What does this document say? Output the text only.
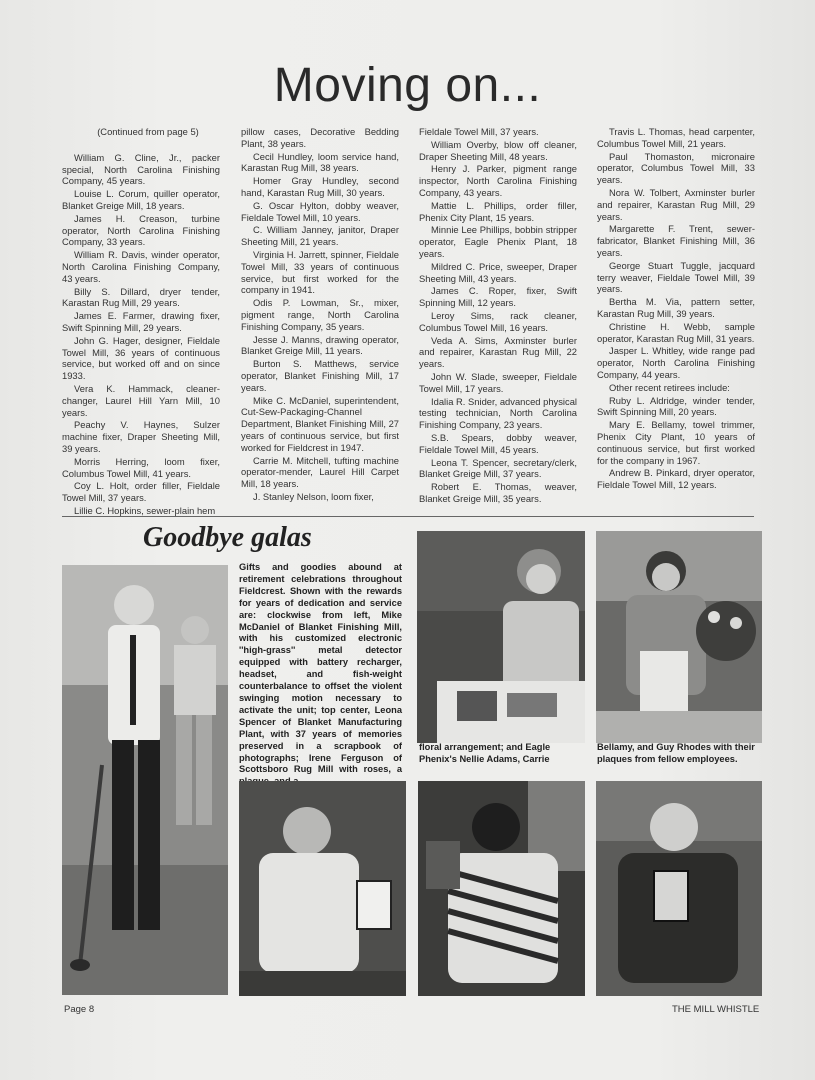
Moving on...

(Continued from page 5)

William G. Cline, Jr., packer special, North Carolina Finishing Company, 45 years.

Louise L. Corum, quiller operator, Blanket Greige Mill, 18 years.

James H. Creason, turbine operator, North Carolina Finishing Company, 33 years.

William R. Davis, winder operator, North Carolina Finishing Company, 43 years.

Billy S. Dillard, dryer tender, Karastan Rug Mill, 29 years.

James E. Farmer, drawing fixer, Swift Spinning Mill, 29 years.

John G. Hager, designer, Fieldale Towel Mill, 36 years of continuous service, but worked off and on since 1933.

Vera K. Hammack, cleaner-changer, Laurel Hill Yarn Mill, 10 years.

Peachy V. Haynes, Sulzer machine fixer, Draper Sheeting Mill, 39 years.

Morris Herring, loom fixer, Columbus Towel Mill, 41 years.

Coy L. Holt, order filler, Fieldale Towel Mill, 37 years.

Lillie C. Hopkins, sewer-plain hem

pillow cases, Decorative Bedding Plant, 38 years.

Cecil Hundley, loom service hand, Karastan Rug Mill, 38 years.

Homer Gray Hundley, second hand, Karastan Rug Mill, 30 years.

G. Oscar Hylton, dobby weaver, Fieldale Towel Mill, 10 years.

C. William Janney, janitor, Draper Sheeting Mill, 21 years.

Virginia H. Jarrett, spinner, Fieldale Towel Mill, 33 years of continuous service, but first worked for the company in 1941.

Odis P. Lowman, Sr., mixer, pigment range, North Carolina Finishing Company, 35 years.

Jesse J. Manns, drawing operator, Blanket Greige Mill, 11 years.

Burton S. Matthews, service operator, Blanket Finishing Mill, 17 years.

Mike C. McDaniel, superintendent, Cut-Sew-Packaging-Channel Department, Blanket Finishing Mill, 27 years of continuous service, but first worked for Fieldcrest in 1947.

Carrie M. Mitchell, tufting machine operator-mender, Laurel Hill Carpet Mill, 18 years.

J. Stanley Nelson, loom fixer,

Fieldale Towel Mill, 37 years.

William Overby, blow off cleaner, Draper Sheeting Mill, 48 years.

Henry J. Parker, pigment range inspector, North Carolina Finishing Company, 43 years.

Mattie L. Phillips, order filler, Phenix City Plant, 15 years.

Minnie Lee Phillips, bobbin stripper operator, Eagle Phenix Plant, 18 years.

Mildred C. Price, sweeper, Draper Sheeting Mill, 43 years.

James C. Roper, fixer, Swift Spinning Mill, 12 years.

Leroy Sims, rack cleaner, Columbus Towel Mill, 16 years.

Veda A. Sims, Axminster burler and repairer, Karastan Rug Mill, 22 years.

John W. Slade, sweeper, Fieldale Towel Mill, 17 years.

Idalia R. Snider, advanced physical testing technician, North Carolina Finishing Company, 23 years.

S.B. Spears, dobby weaver, Fieldale Towel Mill, 45 years.

Leona T. Spencer, secretary/clerk, Blanket Greige Mill, 37 years.

Robert E. Thomas, weaver, Blanket Greige Mill, 35 years.

Travis L. Thomas, head carpenter, Columbus Towel Mill, 21 years.

Paul Thomaston, micronaire operator, Columbus Towel Mill, 33 years.

Nora W. Tolbert, Axminster burler and repairer, Karastan Rug Mill, 29 years.

Margarette F. Trent, sewer-fabricator, Blanket Finishing Mill, 36 years.

George Stuart Tuggle, jacquard terry weaver, Fieldale Towel Mill, 39 years.

Bertha M. Via, pattern setter, Karastan Rug Mill, 39 years.

Christine H. Webb, sample operator, Karastan Rug Mill, 31 years.

Jasper L. Whitley, wide range pad operator, North Carolina Finishing Company, 44 years.

Other recent retirees include:

Ruby L. Aldridge, winder tender, Swift Spinning Mill, 20 years.

Mary E. Bellamy, towel trimmer, Phenix City Plant, 10 years of continuous service, but first worked for the company in 1967.

Andrew B. Pinkard, dryer operator, Fieldale Towel Mill, 12 years.

Goodbye galas
Gifts and goodies abound at retirement celebrations throughout Fieldcrest. Shown with the rewards for years of dedication and service are: clockwise from left, Mike McDaniel of Blanket Finishing Mill, with his customized electronic ''high-grass'' metal detector equipped with battery recharger, headset, and fish-weight counterbalance to offset the violent swinging motion necessary to activate the unit; top center, Leona Spencer of Blanket Manufacturing Plant, with 37 years of memories preserved in a scrapbook of photographs; Irene Ferguson of Scottsboro Rug Mill with roses, a
floral arrangement; and Eagle Phenix's Nellie Adams, Carrie
Bellamy, and Guy Rhodes with their plaques from fellow employees.
Page 8	THE MILL WHISTLE
